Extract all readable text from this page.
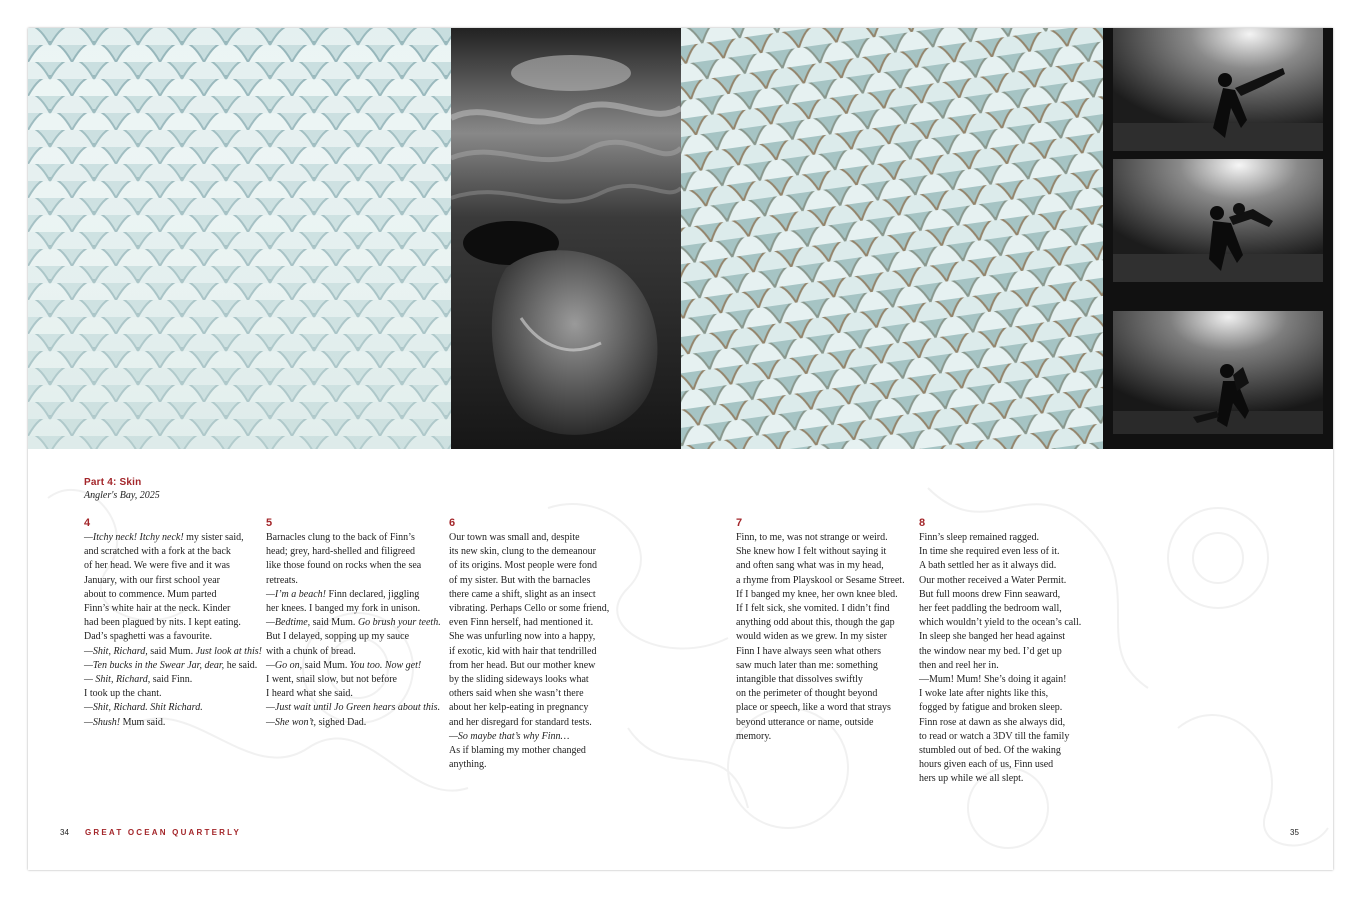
Part 4: Skin
Angler's Bay, 2025
4
—Itchy neck! Itchy neck! my sister said,
and scratched with a fork at the back
of her head. We were five and it was
January, with our first school year
about to commence. Mum parted
Finn’s white hair at the neck. Kinder
had been plagued by nits. I kept eating.
Dad’s spaghetti was a favourite.
—Shit, Richard, said Mum. Just look at this!
—Ten bucks in the Swear Jar, dear, he said.
— Shit, Richard, said Finn.
I took up the chant.
—Shit, Richard. Shit Richard.
—Shush! Mum said.
5
Barnacles clung to the back of Finn’s
head; grey, hard-shelled and filigreed
like those found on rocks when the sea
retreats.
—I’m a beach! Finn declared, jiggling
her knees. I banged my fork in unison.
—Bedtime, said Mum. Go brush your teeth.
But I delayed, sopping up my sauce
with a chunk of bread.
—Go on, said Mum. You too. Now get!
I went, snail slow, but not before
I heard what she said.
—Just wait until Jo Green hears about this.
—She won’t, sighed Dad.
6
Our town was small and, despite
its new skin, clung to the demeanour
of its origins. Most people were fond
of my sister. But with the barnacles
there came a shift, slight as an insect
vibrating. Perhaps Cello or some friend,
even Finn herself, had mentioned it.
She was unfurling now into a happy,
if exotic, kid with hair that tendrilled
from her head. But our mother knew
by the sliding sideways looks what
others said when she wasn’t there
about her kelp-eating in pregnancy
and her disregard for standard tests.
—So maybe that’s why Finn…
As if blaming my mother changed
anything.
7
Finn, to me, was not strange or weird.
She knew how I felt without saying it
and often sang what was in my head,
a rhyme from Playskool or Sesame Street.
If I banged my knee, her own knee bled.
If I felt sick, she vomited. I didn’t find
anything odd about this, though the gap
would widen as we grew. In my sister
Finn I have always seen what others
saw much later than me: something
intangible that dissolves swiftly
on the perimeter of thought beyond
place or speech, like a word that strays
beyond utterance or name, outside
memory.
8
Finn’s sleep remained ragged.
In time she required even less of it.
A bath settled her as it always did.
Our mother received a Water Permit.
But full moons drew Finn seaward,
her feet paddling the bedroom wall,
which wouldn’t yield to the ocean’s call.
In sleep she banged her head against
the window near my bed. I’d get up
then and reel her in.
—Mum! Mum! She’s doing it again!
I woke late after nights like this,
fogged by fatigue and broken sleep.
Finn rose at dawn as she always did,
to read or watch a 3DV till the family
stumbled out of bed. Of the waking
hours given each of us, Finn used
hers up while we all slept.
34 GREAT OCEAN QUARTERLY	35
